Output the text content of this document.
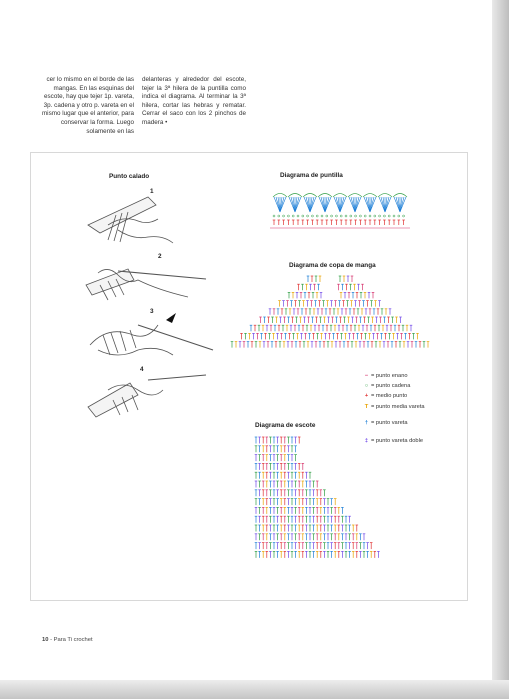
cer lo mismo en el borde de las mangas. En las esquinas del escote, hay que tejer 1p. vareta, 3p. cadena y otro p. vareta en el mismo lugar que el anterior, para conservar la forma. Luego solamente en las
delanteras y alrededor del escote, tejer la 3ª hilera de la puntilla como indica el diagrama. Al terminar la 3ª hilera, cortar las hebras y rematar. Cerrar el saco con los 2 pinchos de madera •
Punto calado
1
2
3
4
Diagrama de puntilla
Diagrama de copa de manga
− = punto enano
○ = punto cadena
+ = medio punto
T = punto media vareta
† = punto vareta
‡ = punto vareta doble
Diagrama de escote
10 - Para Ti crochet
